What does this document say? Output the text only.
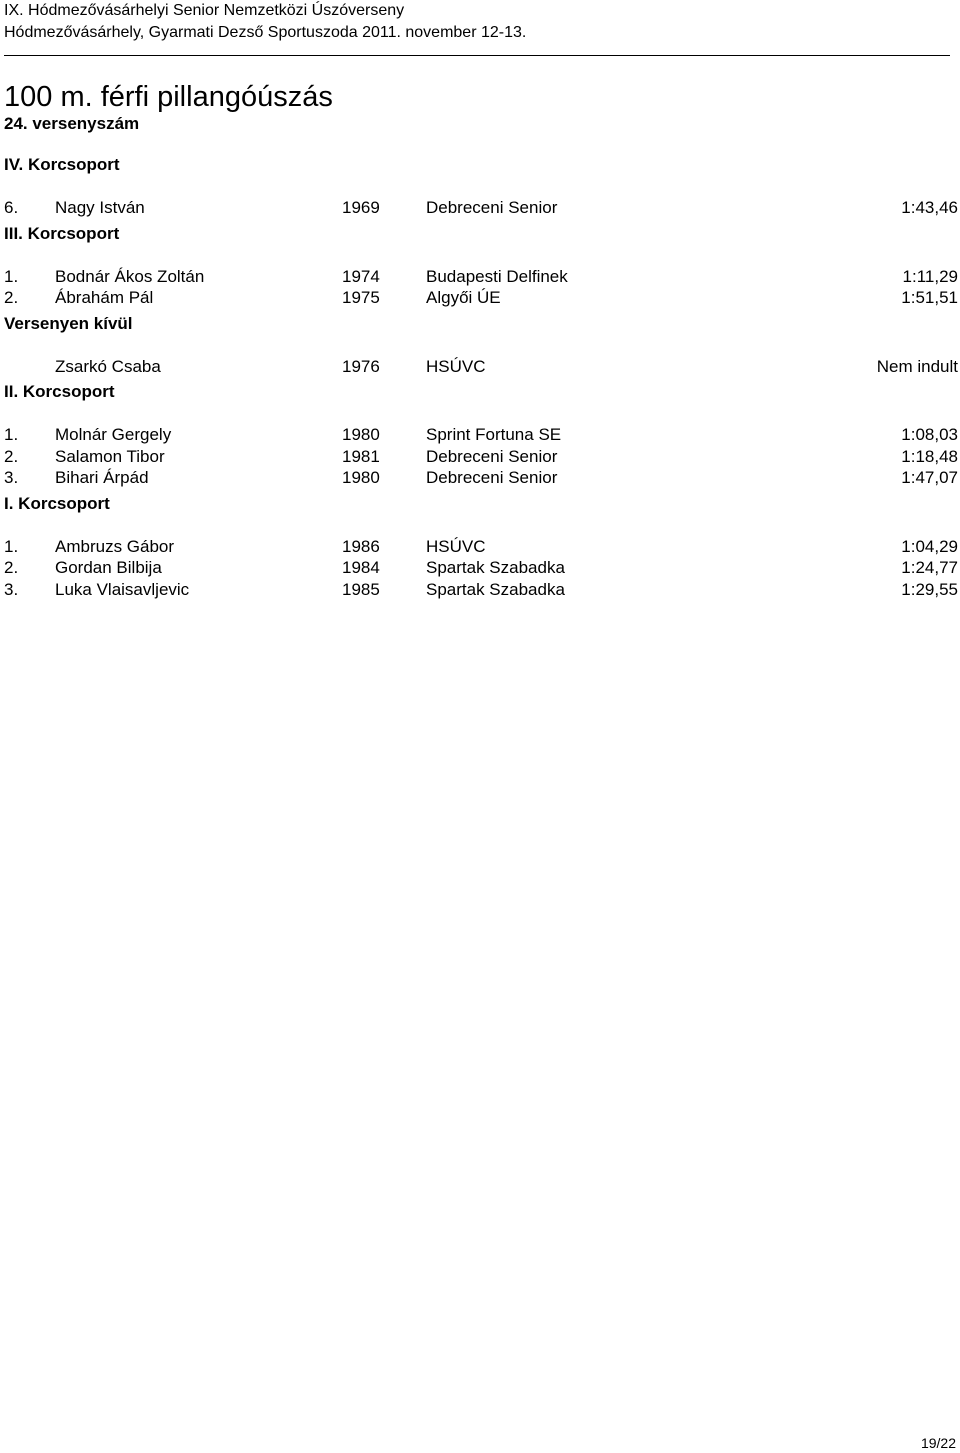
IX. Hódmezővásárhelyi Senior Nemzetközi Úszóverseny
Hódmezővásárhely, Gyarmati Dezső Sportuszoda 2011. november 12-13.
100 m. férfi pillangóúszás
24. versenyszám
IV. Korcsoport
6. Nagy István	1969	Debreceni Senior	1:43,46
III. Korcsoport
1. Bodnár Ákos Zoltán	1974	Budapesti Delfinek	1:11,29
2. Ábrahám Pál	1975	Algyői ÚE	1:51,51
Versenyen kívül
Zsarkó Csaba	1976	HSÚVC	Nem indult
II. Korcsoport
1. Molnár Gergely	1980	Sprint Fortuna SE	1:08,03
2. Salamon Tibor	1981	Debreceni Senior	1:18,48
3. Bihari Árpád	1980	Debreceni Senior	1:47,07
I. Korcsoport
1. Ambruzs Gábor	1986	HSÚVC	1:04,29
2. Gordan Bilbija	1984	Spartak Szabadka	1:24,77
3. Luka Vlaisavljevic	1985	Spartak Szabadka	1:29,55
19/22
